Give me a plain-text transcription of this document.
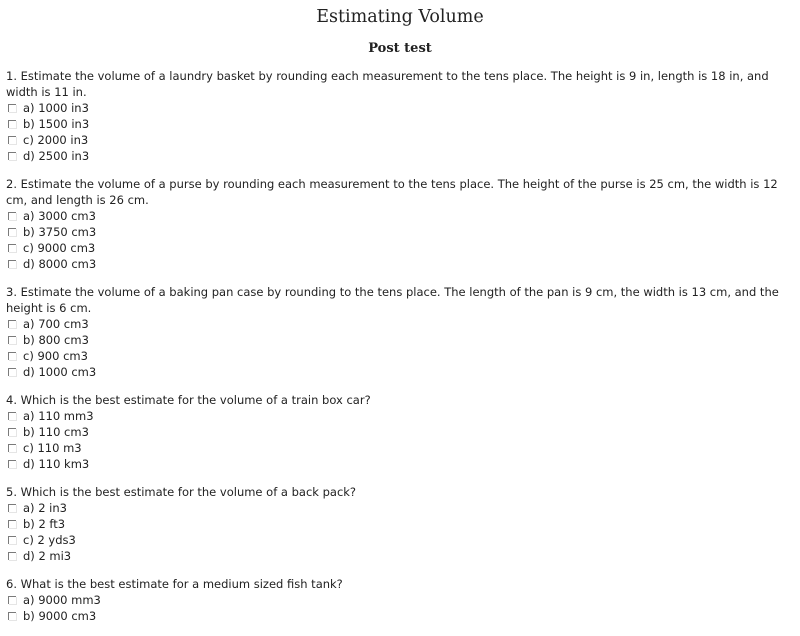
Estimating Volume
Post test

1. Estimate the volume of a laundry basket by rounding each measurement to the tens place. The height is 9 in, length is 18 in, and width is 11 in.

a) 1000 in3
b) 1500 in3
c) 2000 in3
d) 2500 in3

2. Estimate the volume of a purse by rounding each measurement to the tens place. The height of the purse is 25 cm, the width is 12 cm, and length is 26 cm.

a) 3000 cm3
b) 3750 cm3
c) 9000 cm3
d) 8000 cm3

3. Estimate the volume of a baking pan case by rounding to the tens place. The length of the pan is 9 cm, the width is 13 cm, and the height is 6 cm.

a) 700 cm3
b) 800 cm3
c) 900 cm3
d) 1000 cm3

4. Which is the best estimate for the volume of a train box car?

a) 110 mm3
b) 110 cm3
c) 110 m3
d) 110 km3

5. Which is the best estimate for the volume of a back pack?

a) 2 in3
b) 2 ft3
c) 2 yds3
d) 2 mi3

6. What is the best estimate for a medium sized fish tank?

a) 9000 mm3
b) 9000 cm3
